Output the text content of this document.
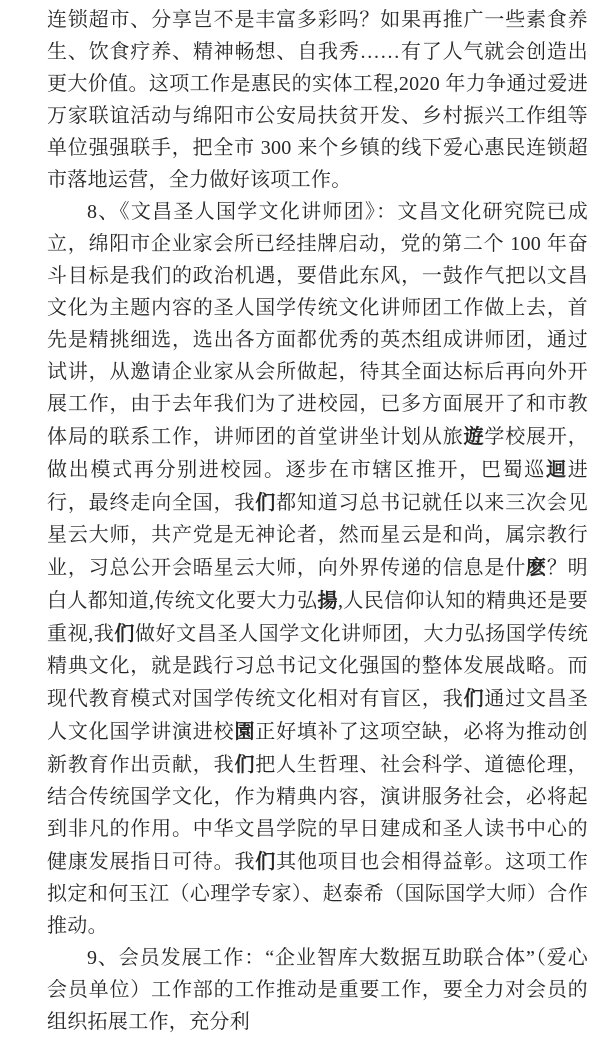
连锁超市、分享岂不是丰富多彩吗？如果再推广一些素食养生、饮食疗养、精神畅想、自我秀……有了人气就会创造出更大价值。这项工作是惠民的实体工程,2020 年力争通过爱进万家联谊活动与绵阳市公安局扶贫开发、乡村振兴工作组等单位强强联手，把全市 300 来个乡镇的线下爱心惠民连锁超市落地运营，全力做好该项工作。

8、《文昌圣人国学文化讲师团》：文昌文化研究院已成立，绵阳市企业家会所已经挂牌启动，党的第二个 100 年奋斗目标是我们的政治机遇，要借此东风，一鼓作气把以文昌文化为主题内容的圣人国学传统文化讲师团工作做上去，首先是精挑细选，选出各方面都优秀的英杰组成讲师团，通过试讲，从邀请企业家从会所做起，待其全面达标后再向外开展工作，由于去年我们为了进校园，已多方面展开了和市教体局的联系工作，讲师团的首堂讲坐计划从旅遊学校展开，做出模式再分别进校园。逐步在市辖区推开，巴蜀巡迴进行，最终走向全国，我们都知道习总书记就任以来三次会见星云大师，共产党是无神论者，然而星云是和尚，属宗教行业，习总公开会晤星云大师，向外界传递的信息是什麽？明白人都知道,传统文化要大力弘揚,人民信仰认知的精典还是要重视,我们做好文昌圣人国学文化讲师团，大力弘扬国学传统精典文化，就是践行习总书记文化强国的整体发展战略。而现代教育模式对国学传统文化相对有盲区，我们通过文昌圣人文化国学讲演进校園正好填补了这项空缺，必将为推动创新教育作出贡献，我们把人生哲理、社会科学、道德伦理，结合传统国学文化，作为精典内容，演讲服务社会，必将起到非凡的作用。中华文昌学院的早日建成和圣人读书中心的健康发展指日可待。我们其他项目也会相得益彰。这项工作拟定和何玉江（心理学专家）、赵泰希（国际国学大师）合作推动。

9、会员发展工作：“企业智库大数据互助联合体”（爱心会员单位）工作部的工作推动是重要工作，要全力对会员的组织拓展工作，充分利
